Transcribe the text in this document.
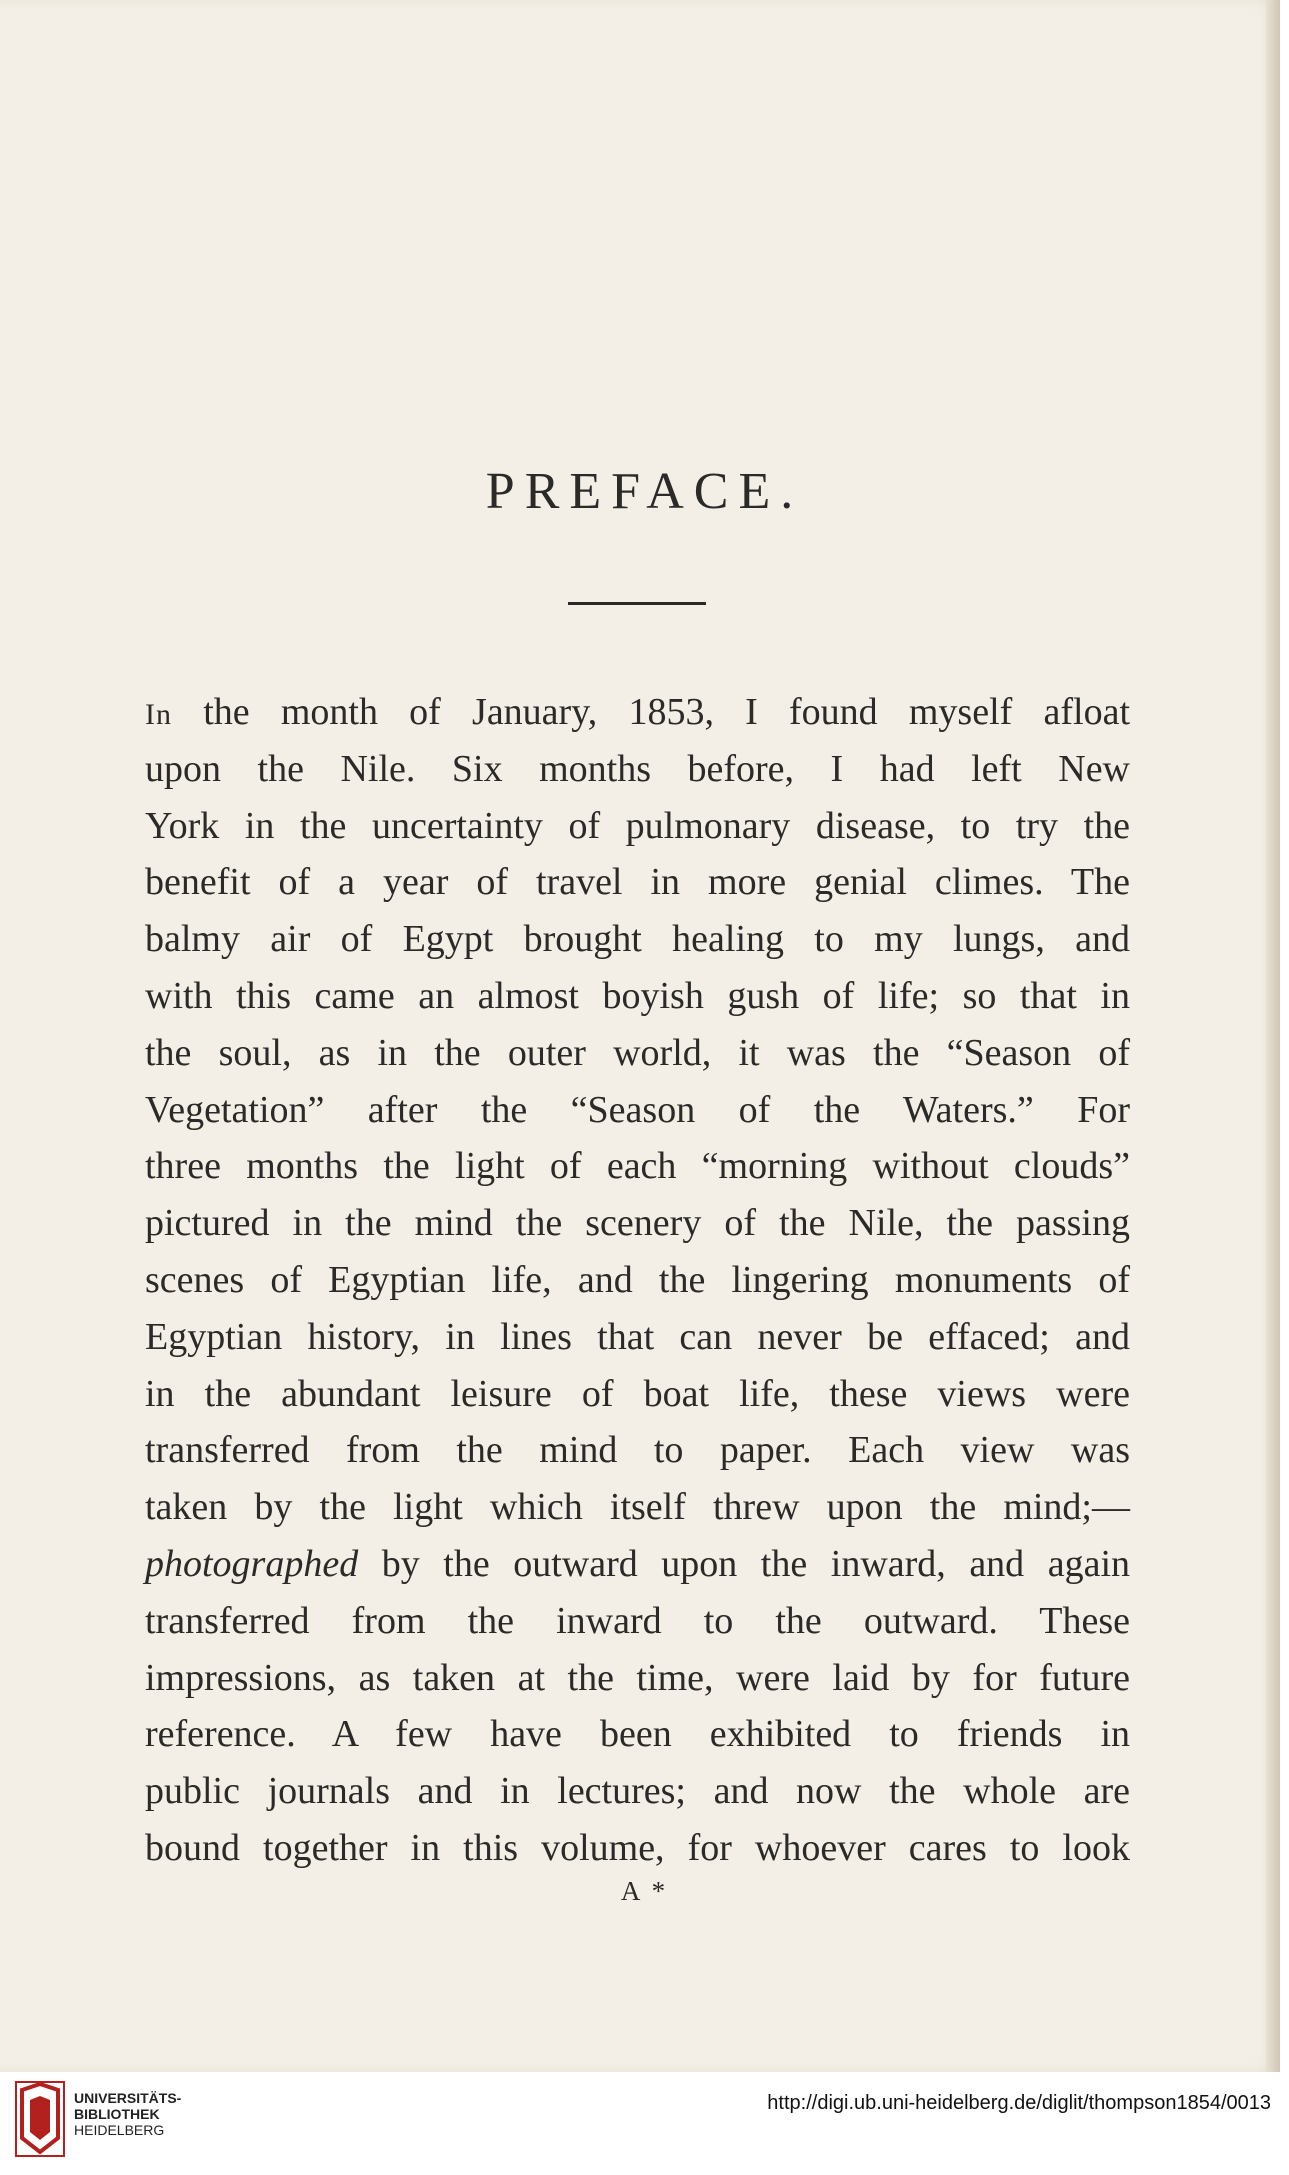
PREFACE.
In the month of January, 1853, I found myself afloat
upon the Nile. Six months before, I had left New
York in the uncertainty of pulmonary disease, to try the
benefit of a year of travel in more genial climes. The
balmy air of Egypt brought healing to my lungs, and
with this came an almost boyish gush of life; so that in
the soul, as in the outer world, it was the “Season of
Vegetation” after the “Season of the Waters.” For
three months the light of each “morning without clouds”
pictured in the mind the scenery of the Nile, the passing
scenes of Egyptian life, and the lingering monuments of
Egyptian history, in lines that can never be effaced; and
in the abundant leisure of boat life, these views were
transferred from the mind to paper. Each view was
taken by the light which itself threw upon the mind;—
photographed by the outward upon the inward, and again
transferred from the inward to the outward. These
impressions, as taken at the time, were laid by for future
reference. A few have been exhibited to friends in
public journals and in lectures; and now the whole are
bound together in this volume, for whoever cares to look
A *
UNIVERSITÄTS-
BIBLIOTHEK
HEIDELBERG
http://digi.ub.uni-heidelberg.de/diglit/thompson1854/0013
